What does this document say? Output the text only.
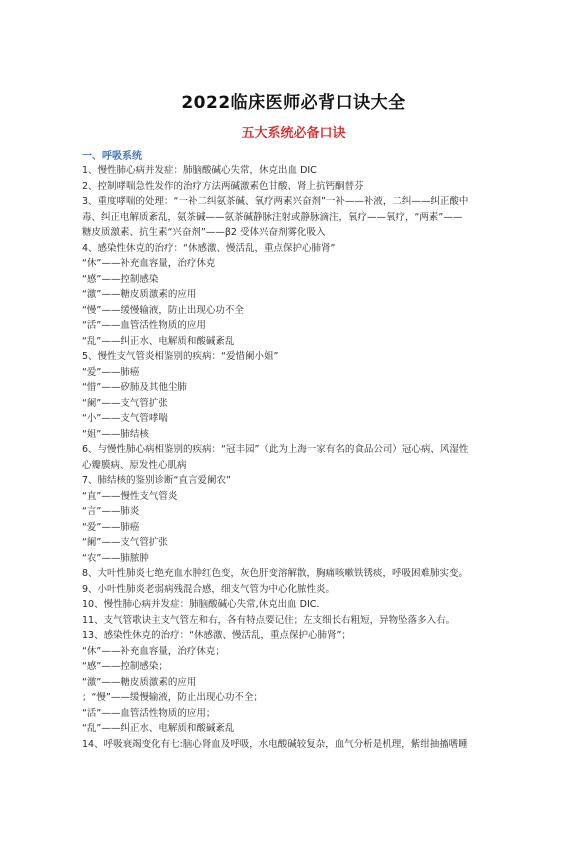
2022临床医师必背口诀大全
五大系统必备口诀
一、呼吸系统
1、慢性肺心病并发症：肺脑酸碱心失常，休克出血 DIC
2、控制哮喘急性发作的治疗方法两碱激素色甘酸、肾上抗钙酮替芬
3、重度哮喘的处理：“一补二纠氨茶碱、氧疗两素兴奋剂”一补——补液，二纠——纠正酸中
毒、纠正电解质紊乱，氨茶碱——氨茶碱静脉注射或静脉滴注，氧疗——氧疗，“两素”——
糖皮质激素、抗生素“兴奋剂”——β2 受体兴奋剂雾化吸入
4、感染性休克的治疗：“休感激、慢活乱，重点保护心肺肾”
“休”——补充血容量，治疗休克
“感”——控制感染
“激”——糖皮质激素的应用
“慢”——缓慢输液，防止出现心功不全
“活”——血管活性物质的应用
“乱”——纠正水、电解质和酸碱紊乱
5、慢性支气管炎相鉴别的疾病：“爱惜阑小姐”
“爱”——肺癌
“惜”——矽肺及其他尘肺
“阑”——支气管扩张
“小”——支气管哮喘
“姐”——肺结核
6、与慢性肺心病相鉴别的疾病：“冠丰园”（此为上海一家有名的食品公司）冠心病、风湿性
心瓣膜病、原发性心肌病
7、肺结核的鉴别诊断“直言爱阑农”
“直”——慢性支气管炎
“言”——肺炎
“爱”——肺癌
“阑”——支气管扩张
“农”——肺脓肿
8、大叶性肺炎七绝充血水肿红色变，灰色肝变溶解散，胸痛咳嗽铁锈痰，呼吸困难肺实变。
9、小叶性肺炎老弱病残混合感，细支气管为中心化脓性炎。
10、慢性肺心病并发症：肺脑酸碱心失常,休克出血 DIC.
11、支气管歌诀主支气管左和右，各有特点要记住；左支细长右粗短，异物坠落多入右。
13、感染性休克的治疗：“休感激、慢活乱，重点保护心肺肾”；
“休”——补充血容量，治疗休克；
“感”——控制感染；
“激”——糖皮质激素的应用
；“慢”——缓慢输液，防止出现心功不全；
“活”——血管活性物质的应用；
“乱”——纠正水、电解质和酸碱紊乱
14、呼吸衰竭变化有七:脑心肾血及呼吸，水电酸碱较复杂，血气分析是机理，紫绀抽搐嗜睡
